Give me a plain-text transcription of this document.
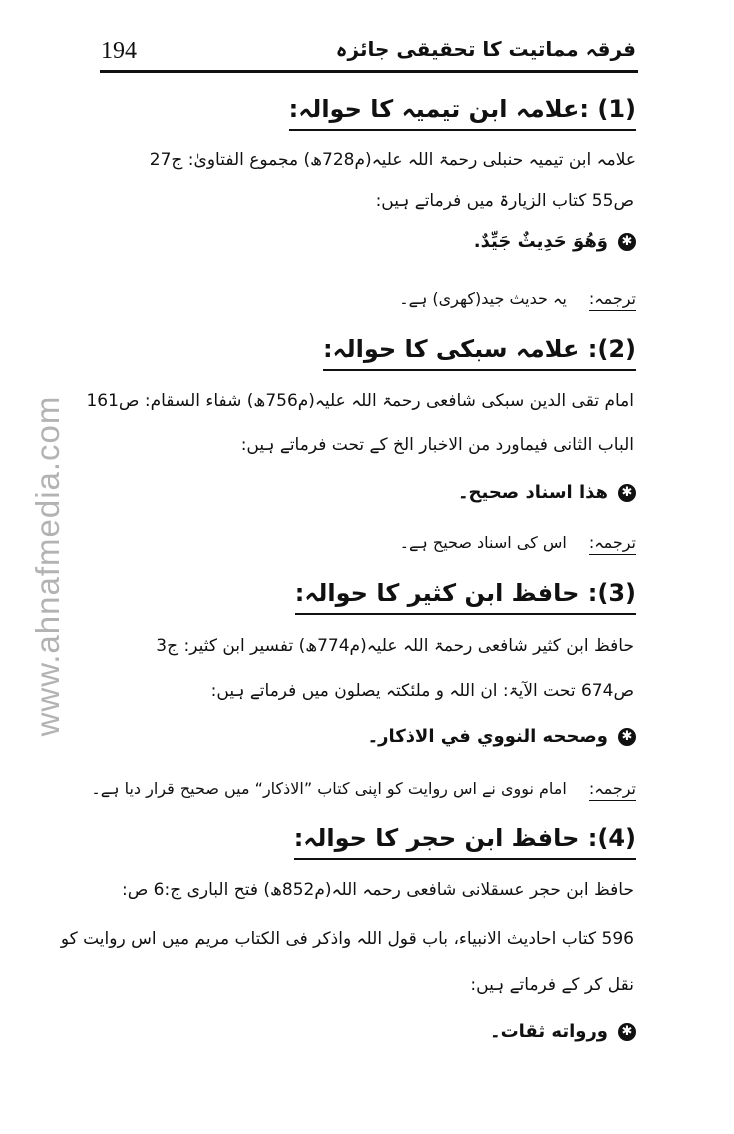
194	فرقہ مماتیت کا تحقیقی جائزہ
www.ahnafmedia.com
(1) :علامہ ابن تیمیہ کا حوالہ:
علامہ ابن تیمیہ حنبلی رحمۃ اللہ علیہ(م728ھ) مجموع الفتاویٰ: ج27
ص55 کتاب الزیارۃ میں فرماتے ہیں:
✱وَهُوَ حَدِيثٌ جَيِّدٌ.
ترجمہ:یہ حدیث جید(کھری) ہے۔
(2): علامہ سبکی کا حوالہ:
امام تقی الدین سبکی شافعی رحمۃ اللہ علیہ(م756ھ) شفاء السقام: ص161
الباب الثانی فیماورد من الاخبار الخ کے تحت فرماتے ہیں:
✱ھذا اسناد صحیح۔
ترجمہ:اس کی اسناد صحیح ہے۔
(3): حافظ ابن کثیر کا حوالہ:
حافظ ابن کثیر شافعی رحمۃ اللہ علیہ(م774ھ) تفسیر ابن کثیر: ج3
ص674 تحت الآیۃ: ان اللہ و ملئکتہ یصلون میں فرماتے ہیں:
✱وصححه النووي في الاذكار۔
ترجمہ:امام نووی نے اس روایت کو اپنی کتاب ”الاذکار“ میں صحیح قرار دیا ہے۔
(4): حافظ ابن حجر کا حوالہ:
حافظ ابن حجر عسقلانی شافعی رحمہ اللہ(م852ھ) فتح الباری ج:6 ص:
596 کتاب احادیث الانبیاء، باب قول اللہ واذکر فی الکتاب مریم میں اس روایت کو
نقل کر کے فرماتے ہیں:
✱ورواته ثقات۔
